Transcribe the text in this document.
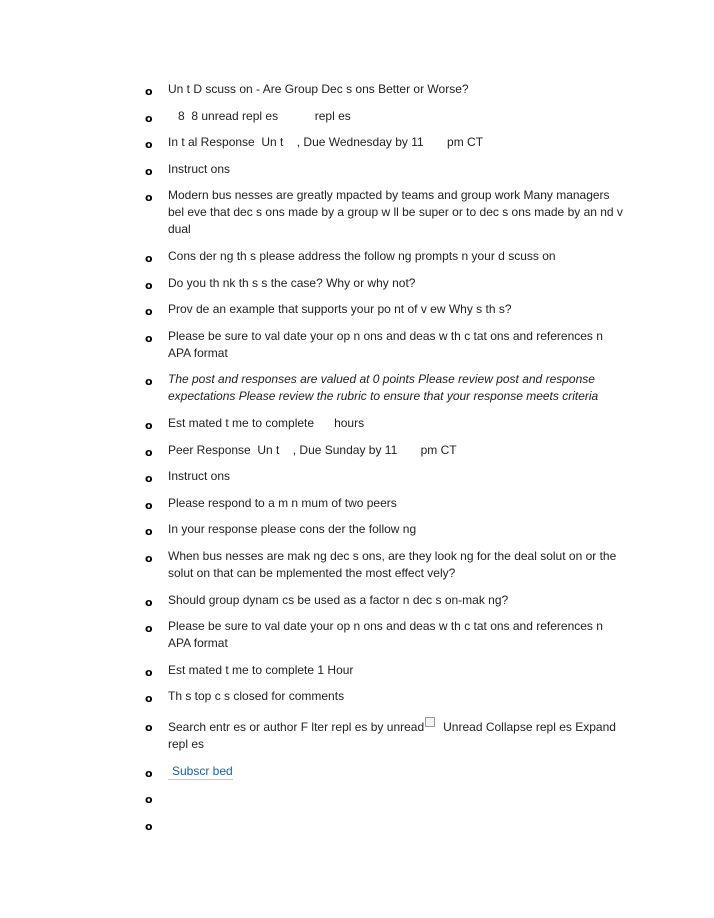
o Un t D scuss on - Are Group Dec s ons Better or Worse?
o 8  8 unread repl es           repl es
o In t al Response  Un t    , Due Wednesday by 11       pm CT
o Instruct ons
o Modern bus nesses are greatly mpacted by teams and group work Many managers bel eve that dec s ons made by a group w ll be super or to dec s ons made by an nd v dual
o Cons der ng th s please address the follow ng prompts n your d scuss on
o Do you th nk th s s the case? Why or why not?
o Prov de an example that supports your po nt of v ew Why s th s?
o Please be sure to val date your op n ons and deas w th c tat ons and references n APA format
o The post and responses are valued at 0 points Please review post and response expectations Please review the rubric to ensure that your response meets criteria
o Est mated t me to complete      hours
o Peer Response  Un t    , Due Sunday by 11       pm CT
o Instruct ons
o Please respond to a m n mum of two peers
o In your response please cons der the follow ng
o When bus nesses are mak ng dec s ons, are they look ng for the deal solut on or the solut on that can be mplemented the most effect vely?
o Should group dynam cs be used as a factor n dec s on-mak ng?
o Please be sure to val date your op n ons and deas w th c tat ons and references n APA format
o Est mated t me to complete 1 Hour
o Th s top c s closed for comments
o Search entr es or author F lter repl es by unread Unread Collapse repl es Expand repl es
o	Subscr bed
o
o
